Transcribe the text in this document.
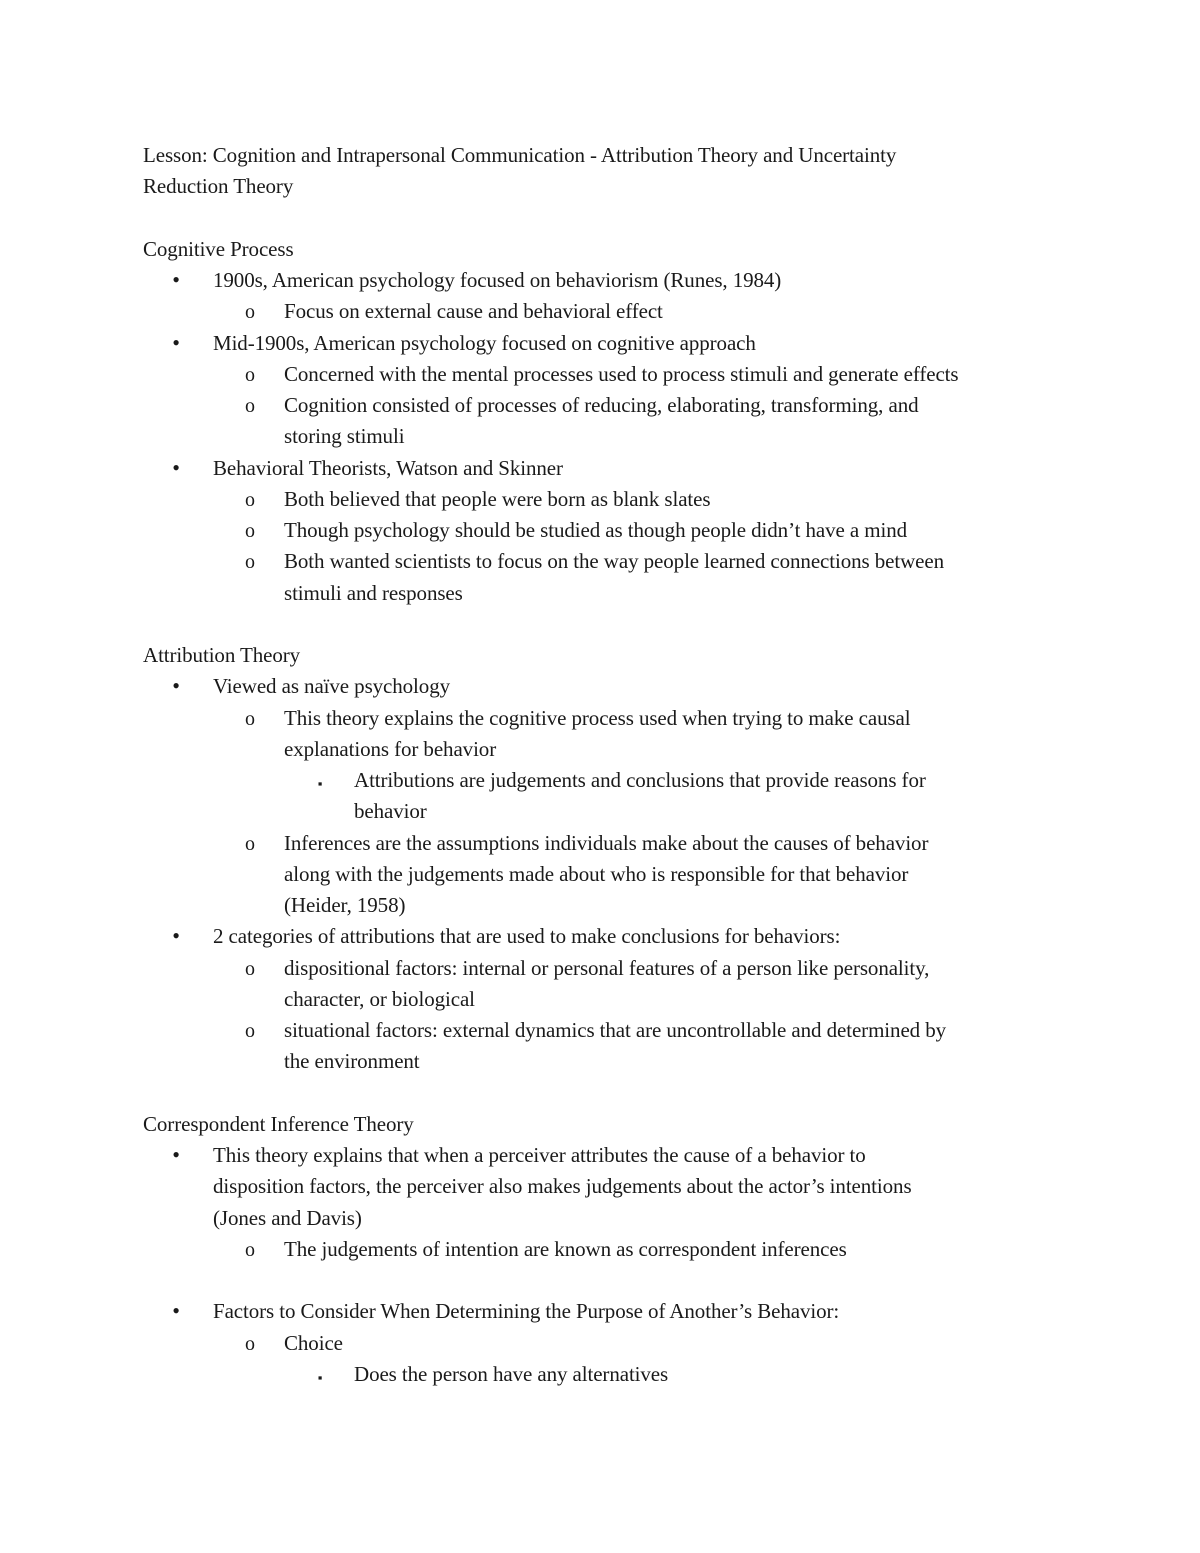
Lesson: Cognition and Intrapersonal Communication - Attribution Theory and Uncertainty
Reduction Theory
Cognitive Process
• 1900s, American psychology focused on behaviorism (Runes, 1984)
o Focus on external cause and behavioral effect
• Mid-1900s, American psychology focused on cognitive approach
o Concerned with the mental processes used to process stimuli and generate effects
o Cognition consisted of processes of reducing, elaborating, transforming, and
storing stimuli
• Behavioral Theorists, Watson and Skinner
o Both believed that people were born as blank slates
o Though psychology should be studied as though people didn’t have a mind
o Both wanted scientists to focus on the way people learned connections between
stimuli and responses
Attribution Theory
• Viewed as naïve psychology
o This theory explains the cognitive process used when trying to make causal
explanations for behavior
▪	Attributions are judgements and conclusions that provide reasons for
behavior
o Inferences are the assumptions individuals make about the causes of behavior
along with the judgements made about who is responsible for that behavior
(Heider, 1958)
• 2 categories of attributions that are used to make conclusions for behaviors:
o dispositional factors: internal or personal features of a person like personality,
character, or biological
o situational factors: external dynamics that are uncontrollable and determined by
the environment
Correspondent Inference Theory
• This theory explains that when a perceiver attributes the cause of a behavior to
disposition factors, the perceiver also makes judgements about the actor’s intentions
(Jones and Davis)
o The judgements of intention are known as correspondent inferences
• Factors to Consider When Determining the Purpose of Another’s Behavior:
o Choice
▪	Does the person have any alternatives
